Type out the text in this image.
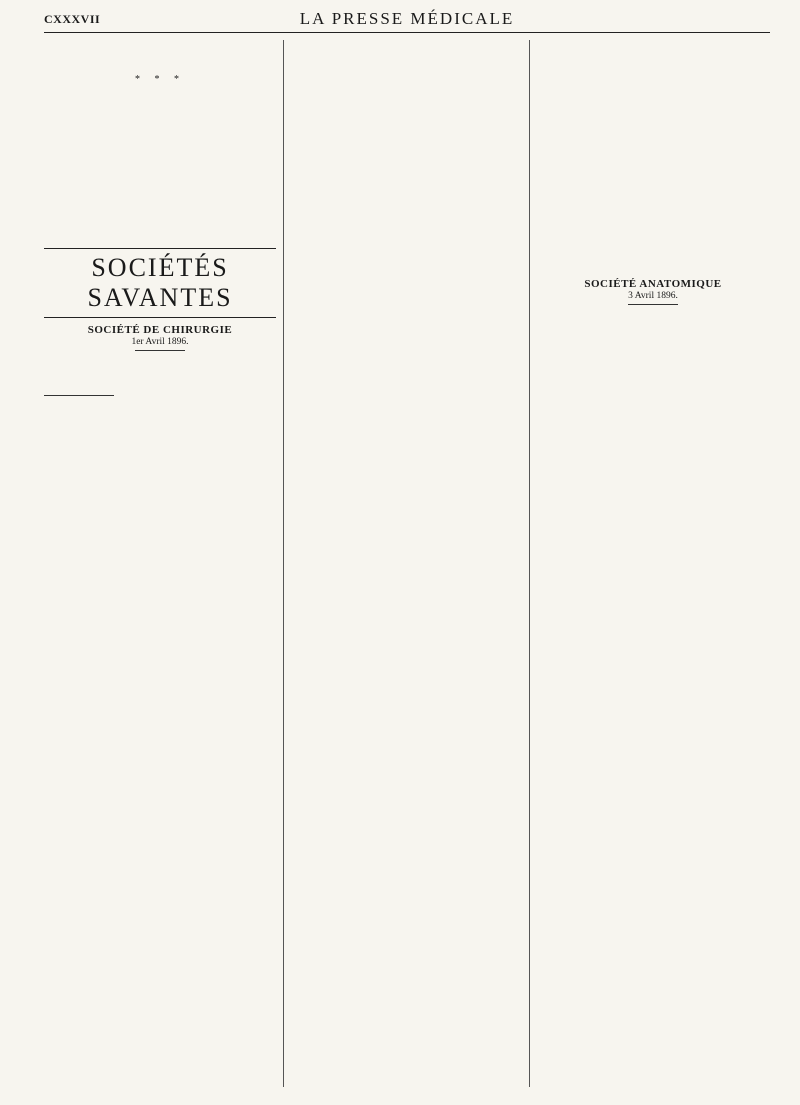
CXXXVII	LA PRESSE MÉDICALE

* * *

SOCIÉTÉS SAVANTES
SOCIÉTÉ DE CHIRURGIE
1er Avril 1896.

SOCIÉTÉ ANATOMIQUE
3 Avril 1896.
